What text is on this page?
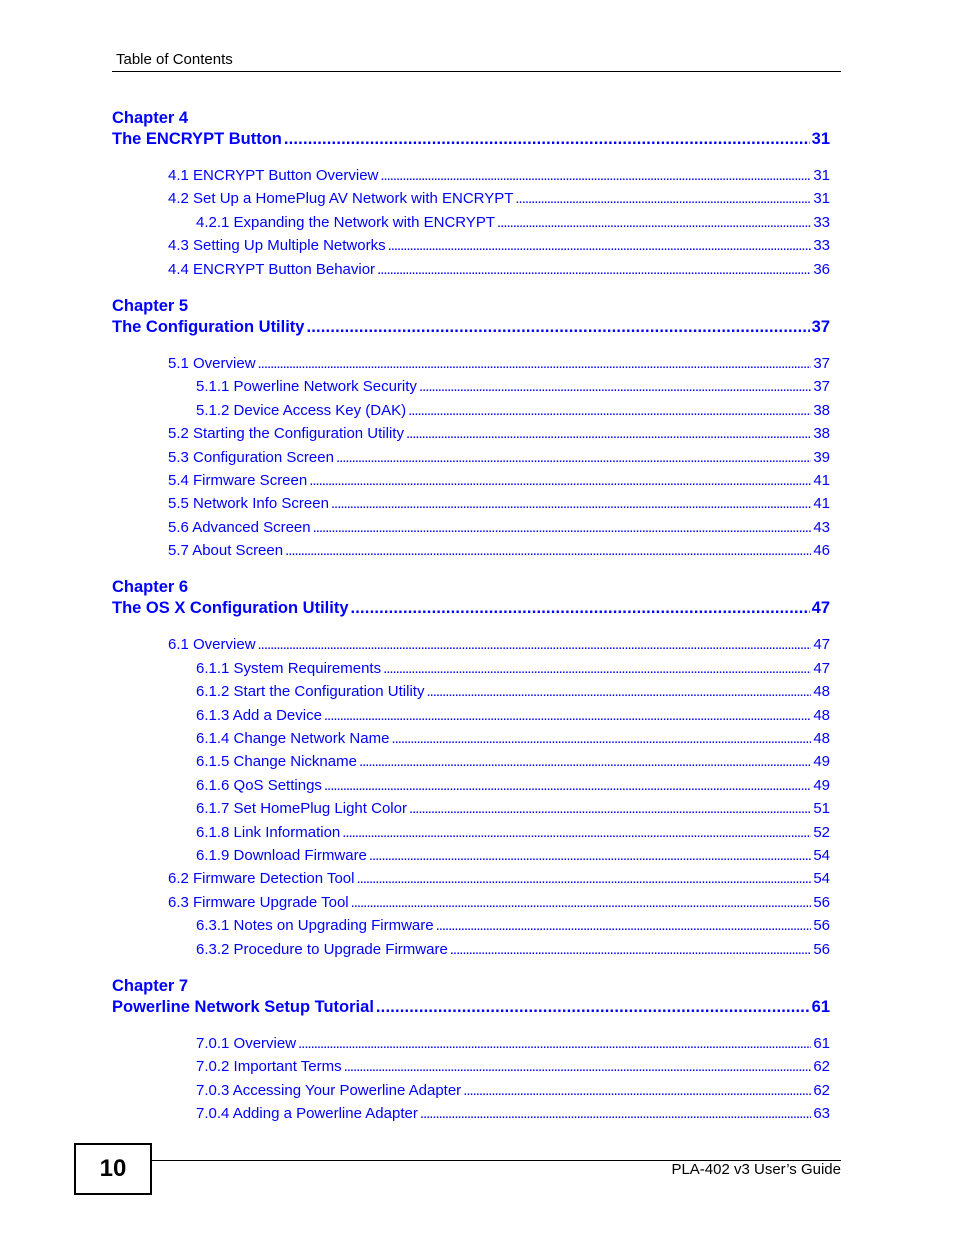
Table of Contents
Chapter 4
The ENCRYPT Button . . .	31
4.1 ENCRYPT Button Overview . . .	31
4.2 Set Up a HomePlug AV Network with ENCRYPT . . .	31
4.2.1 Expanding the Network with ENCRYPT . . .	33
4.3 Setting Up Multiple Networks . . .	33
4.4 ENCRYPT Button Behavior . . .	36
Chapter 5
The Configuration Utility . . .	37
5.1 Overview . . .	37
5.1.1 Powerline Network Security . . .	37
5.1.2 Device Access Key (DAK) . . .	38
5.2 Starting the Configuration Utility . . .	38
5.3 Configuration Screen . . .	39
5.4 Firmware Screen . . .	41
5.5 Network Info Screen . . .	41
5.6 Advanced Screen . . .	43
5.7 About Screen . . .	46
Chapter 6
The OS X Configuration Utility . . .	47
6.1 Overview . . .	47
6.1.1 System Requirements . . .	47
6.1.2 Start the Configuration Utility . . .	48
6.1.3 Add a Device . . .	48
6.1.4 Change Network Name . . .	48
6.1.5 Change Nickname . . .	49
6.1.6 QoS Settings . . .	49
6.1.7 Set HomePlug Light Color . . .	51
6.1.8 Link Information . . .	52
6.1.9 Download Firmware . . .	54
6.2 Firmware Detection Tool . . .	54
6.3 Firmware Upgrade Tool . . .	56
6.3.1 Notes on Upgrading Firmware . . .	56
6.3.2 Procedure to Upgrade Firmware . . .	56
Chapter 7
Powerline Network Setup Tutorial . . .	61
7.0.1 Overview . . .	61
7.0.2 Important Terms . . .	62
7.0.3 Accessing Your Powerline Adapter . . .	62
7.0.4 Adding a Powerline Adapter . . .	63
10	PLA-402 v3 User’s Guide
